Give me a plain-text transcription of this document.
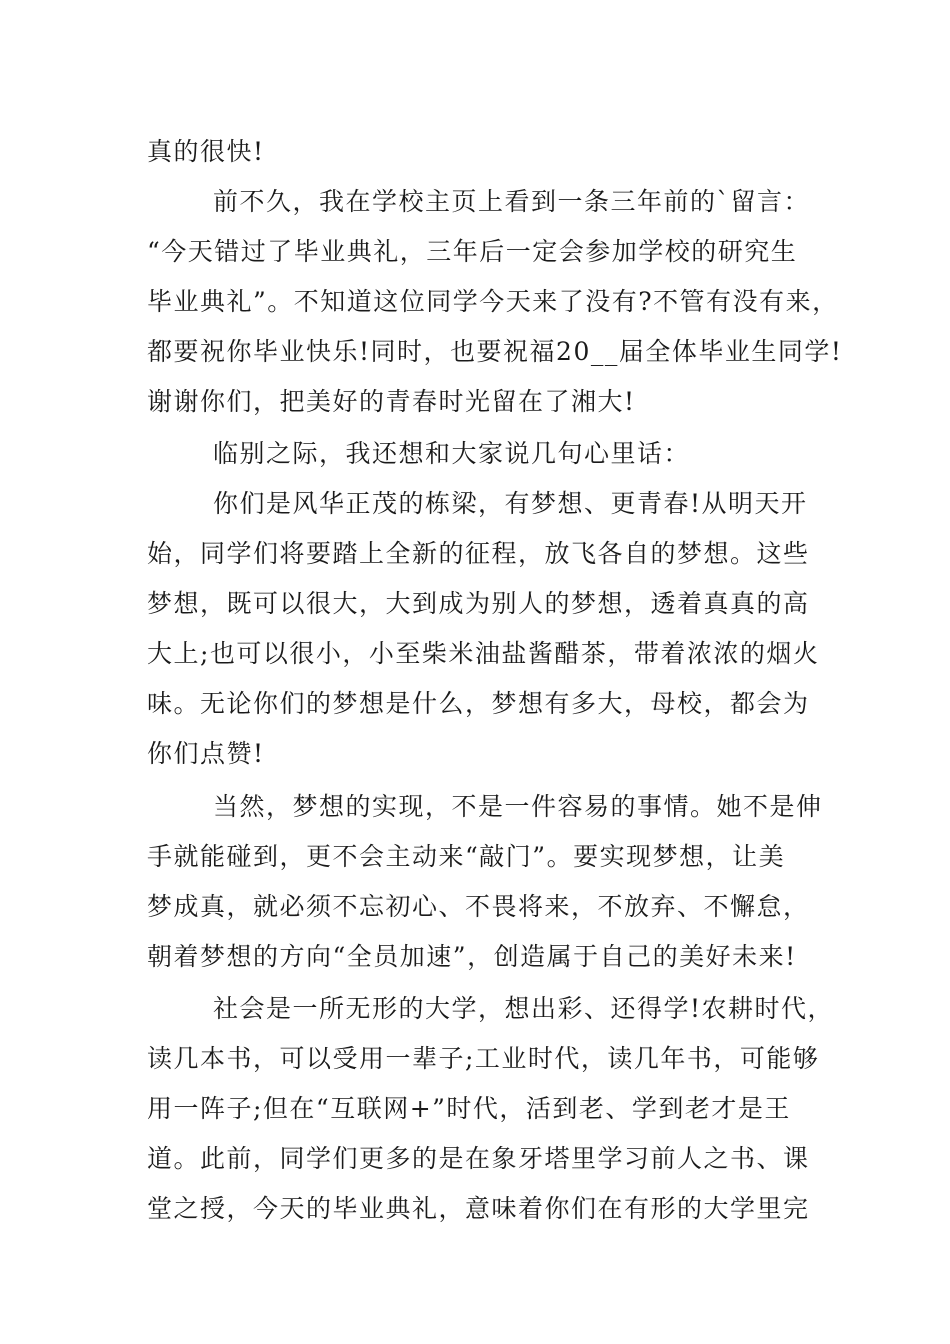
真的很快!
前不久，我在学校主页上看到一条三年前的`留言：
“今天错过了毕业典礼，三年后一定会参加学校的研究生
毕业典礼”。不知道这位同学今天来了没有?不管有没有来，
都要祝你毕业快乐!同时，也要祝福20__届全体毕业生同学!
谢谢你们，把美好的青春时光留在了湘大!
临别之际，我还想和大家说几句心里话：
你们是风华正茂的栋梁，有梦想、更青春!从明天开
始，同学们将要踏上全新的征程，放飞各自的梦想。这些
梦想，既可以很大，大到成为别人的梦想，透着真真的高
大上;也可以很小，小至柴米油盐酱醋茶，带着浓浓的烟火
味。无论你们的梦想是什么，梦想有多大，母校，都会为
你们点赞!
当然，梦想的实现，不是一件容易的事情。她不是伸
手就能碰到，更不会主动来“敲门”。要实现梦想，让美
梦成真，就必须不忘初心、不畏将来，不放弃、不懈怠，
朝着梦想的方向“全员加速”，创造属于自己的美好未来!
社会是一所无形的大学，想出彩、还得学!农耕时代，
读几本书，可以受用一辈子;工业时代，读几年书，可能够
用一阵子;但在“互联网+”时代，活到老、学到老才是王
道。此前，同学们更多的是在象牙塔里学习前人之书、课
堂之授，今天的毕业典礼，意味着你们在有形的大学里完
